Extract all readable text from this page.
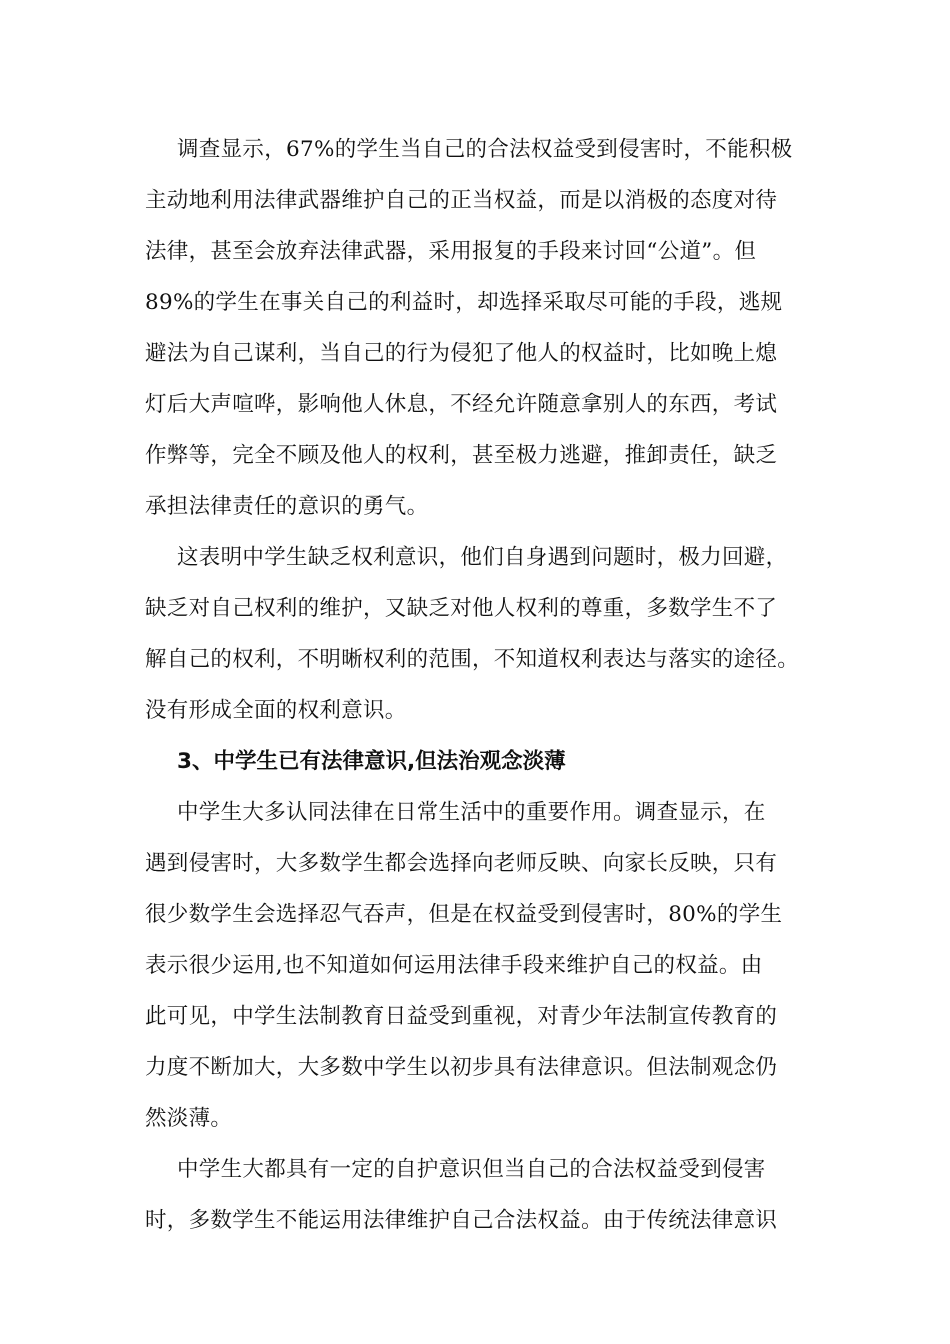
调查显示，67%的学生当自己的合法权益受到侵害时，不能积极

主动地利用法律武器维护自己的正当权益，而是以消极的态度对待

法律，甚至会放弃法律武器，采用报复的手段来讨回“公道”。但

89%的学生在事关自己的利益时，却选择采取尽可能的手段，逃规

避法为自己谋利，当自己的行为侵犯了他人的权益时，比如晚上熄

灯后大声喧哗，影响他人休息，不经允许随意拿别人的东西，考试

作弊等，完全不顾及他人的权利，甚至极力逃避，推卸责任，缺乏

承担法律责任的意识的勇气。

这表明中学生缺乏权利意识，他们自身遇到问题时，极力回避，

缺乏对自己权利的维护，又缺乏对他人权利的尊重，多数学生不了

解自己的权利，不明晰权利的范围，不知道权利表达与落实的途径。

没有形成全面的权利意识。

3、中学生已有法律意识,但法治观念淡薄

中学生大多认同法律在日常生活中的重要作用。调查显示，在

遇到侵害时，大多数学生都会选择向老师反映、向家长反映，只有

很少数学生会选择忍气吞声，但是在权益受到侵害时，80%的学生

表示很少运用,也不知道如何运用法律手段来维护自己的权益。由

此可见，中学生法制教育日益受到重视，对青少年法制宣传教育的

力度不断加大，大多数中学生以初步具有法律意识。但法制观念仍

然淡薄。

中学生大都具有一定的自护意识但当自己的合法权益受到侵害

时，多数学生不能运用法律维护自己合法权益。由于传统法律意识
